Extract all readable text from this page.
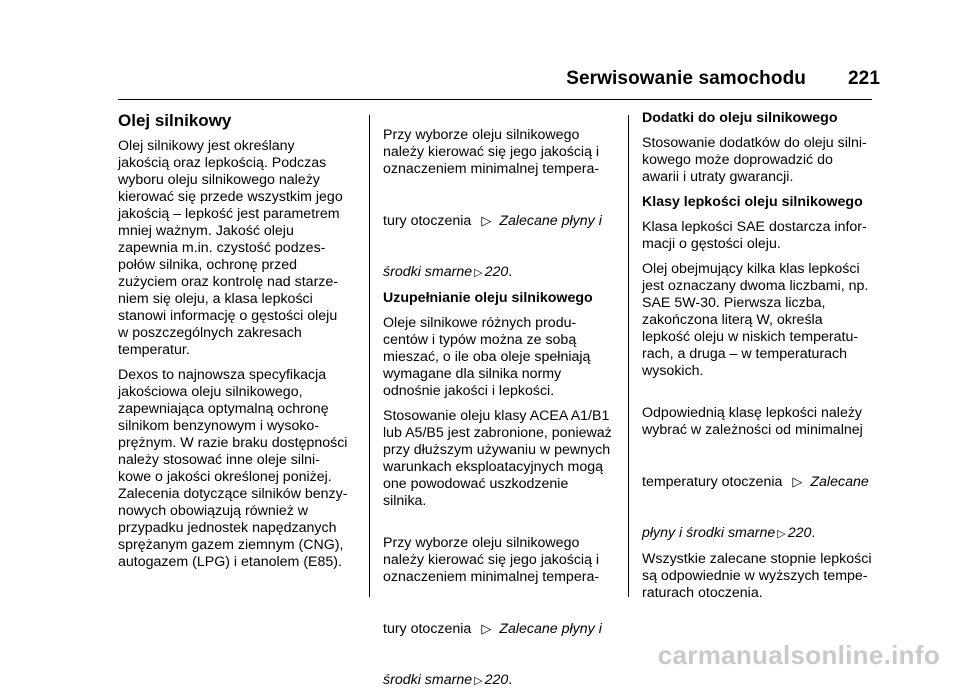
Serwisowanie samochodu 221
Olej silnikowy

Olej silnikowy jest określany
jakością oraz lepkością. Podczas
wyboru oleju silnikowego należy
kierować się przede wszystkim jego
jakością – lepkość jest parametrem
mniej ważnym. Jakość oleju
zapewnia m.in. czystość podzes-
połów silnika, ochronę przed
zużyciem oraz kontrolę nad starze-
niem się oleju, a klasa lepkości
stanowi informację o gęstości oleju
w poszczególnych zakresach
temperatur.

Dexos to najnowsza specyfikacja
jakościowa oleju silnikowego,
zapewniająca optymalną ochronę
silnikom benzynowym i wysoko-
prężnym. W razie braku dostępności
należy stosować inne oleje silni-
kowe o jakości określonej poniżej.
Zalecenia dotyczące silników benzy-
nowych obowiązują również w
przypadku jednostek napędzanych
sprężanym gazem ziemnym (CNG),
autogazem (LPG) i etanolem (E85).

Przy wyborze oleju silnikowego
należy kierować się jego jakością i
oznaczeniem minimalnej tempera-

tury otoczenia ▷ Zalecane płyny i

środki smarne ▷ 220.

Uzupełnianie oleju silnikowego

Oleje silnikowe różnych produ-
centów i typów można ze sobą
mieszać, o ile oba oleje spełniają
wymagane dla silnika normy
odnośnie jakości i lepkości.

Stosowanie oleju klasy ACEA A1/B1
lub A5/B5 jest zabronione, ponieważ
przy dłuższym używaniu w pewnych
warunkach eksploatacyjnych mogą
one powodować uszkodzenie
silnika.

Przy wyborze oleju silnikowego
należy kierować się jego jakością i
oznaczeniem minimalnej tempera-

tury otoczenia ▷ Zalecane płyny i

środki smarne ▷ 220.

Dodatki do oleju silnikowego

Stosowanie dodatków do oleju silni-
kowego może doprowadzić do
awarii i utraty gwarancji.

Klasy lepkości oleju silnikowego

Klasa lepkości SAE dostarcza infor-
macji o gęstości oleju.

Olej obejmujący kilka klas lepkości
jest oznaczany dwoma liczbami, np.
SAE 5W-30. Pierwsza liczba,
zakończona literą W, określa
lepkość oleju w niskich temperatu-
rach, a druga – w temperaturach
wysokich.

Odpowiednią klasę lepkości należy
wybrać w zależności od minimalnej

temperatury otoczenia ▷ Zalecane

płyny i środki smarne ▷ 220.

Wszystkie zalecane stopnie lepkości
są odpowiednie w wyższych tempe-
raturach otoczenia.

carmanualsonline.info
